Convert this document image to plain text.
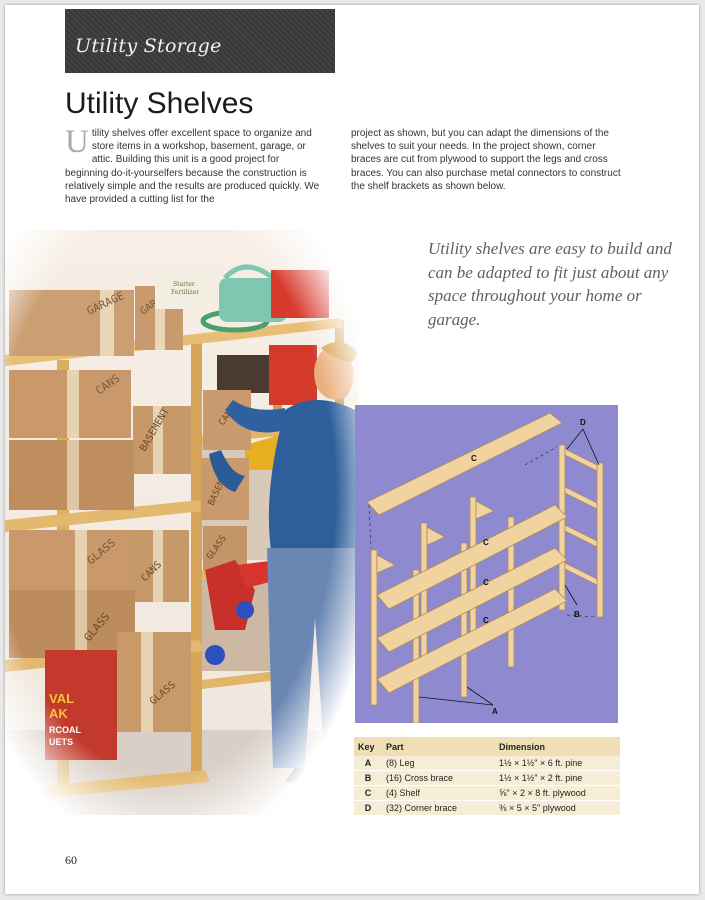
Utility Storage
Utility Shelves

Utility shelves offer excellent space to organize and store items in a workshop, basement, garage, or attic. Building this unit is a good project for beginning do-it-yourselfers because the construction is relatively simple and the results are produced quickly. We have provided a cutting list for the

project as shown, but you can adapt the dimensions of the shelves to suit your needs. In the project shown, corner braces are cut from plywood to support the legs and cross braces. You can also purchase metal connectors to construct the shelf brackets as shown below.

Utility shelves are easy to build and can be adapted to fit just about any space throughout your home or garage.

C
C
C
C
A
B
D
Key	Part	Dimension
A	(8) Leg	1½ × 1½" × 6 ft. pine
B	(16) Cross brace	1½ × 1½" × 2 ft. pine
C	(4) Shelf	⅝" × 2 × 8 ft. plywood
D	(32) Corner brace	⅜ × 5 × 5" plywood
60
